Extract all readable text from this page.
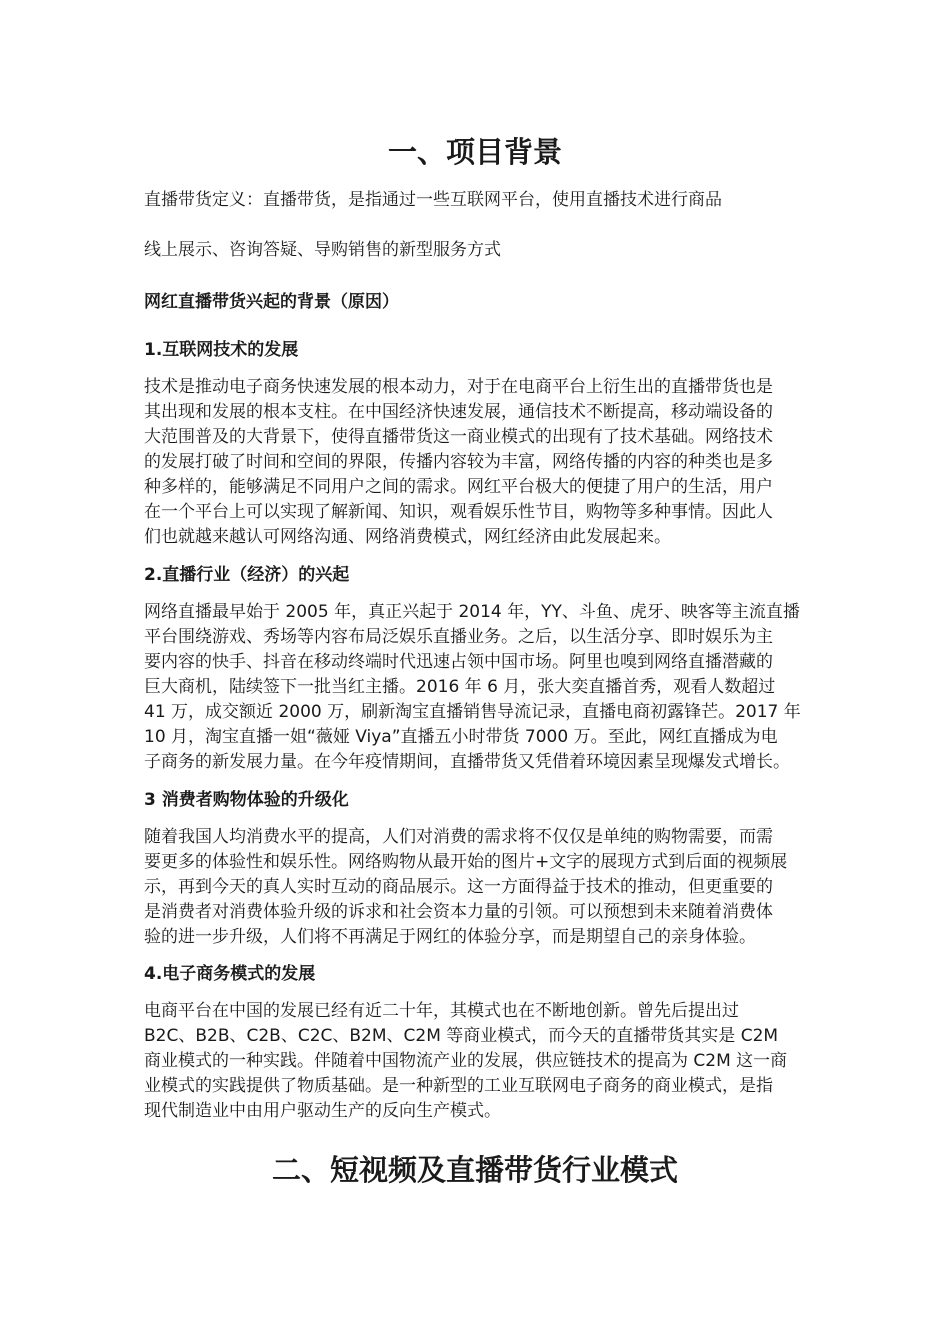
一、项目背景

直播带货定义：直播带货，是指通过一些互联网平台，使用直播技术进行商品

线上展示、咨询答疑、导购销售的新型服务方式

网红直播带货兴起的背景（原因）

1.互联网技术的发展

技术是推动电子商务快速发展的根本动力，对于在电商平台上衍生出的直播带货也是

其出现和发展的根本支柱。在中国经济快速发展，通信技术不断提高，移动端设备的

大范围普及的大背景下，使得直播带货这一商业模式的出现有了技术基础。网络技术

的发展打破了时间和空间的界限，传播内容较为丰富，网络传播的内容的种类也是多

种多样的，能够满足不同用户之间的需求。网红平台极大的便捷了用户的生活，用户

在一个平台上可以实现了解新闻、知识，观看娱乐性节目，购物等多种事情。因此人

们也就越来越认可网络沟通、网络消费模式，网红经济由此发展起来。

2.直播行业（经济）的兴起

网络直播最早始于 2005 年，真正兴起于 2014 年，YY、斗鱼、虎牙、映客等主流直播

平台围绕游戏、秀场等内容布局泛娱乐直播业务。之后，以生活分享、即时娱乐为主

要内容的快手、抖音在移动终端时代迅速占领中国市场。阿里也嗅到网络直播潜藏的

巨大商机，陆续签下一批当红主播。2016 年 6 月，张大奕直播首秀，观看人数超过

41 万，成交额近 2000 万，刷新淘宝直播销售导流记录，直播电商初露锋芒。2017 年

10 月，淘宝直播一姐“薇娅 Viya”直播五小时带货 7000 万。至此，网红直播成为电

子商务的新发展力量。在今年疫情期间，直播带货又凭借着环境因素呈现爆发式增长。

3 消费者购物体验的升级化

随着我国人均消费水平的提高，人们对消费的需求将不仅仅是单纯的购物需要，而需

要更多的体验性和娱乐性。网络购物从最开始的图片+文字的展现方式到后面的视频展

示，再到今天的真人实时互动的商品展示。这一方面得益于技术的推动，但更重要的

是消费者对消费体验升级的诉求和社会资本力量的引领。可以预想到未来随着消费体

验的进一步升级，人们将不再满足于网红的体验分享，而是期望自己的亲身体验。

4.电子商务模式的发展

电商平台在中国的发展已经有近二十年，其模式也在不断地创新。曾先后提出过

B2C、B2B、C2B、C2C、B2M、C2M 等商业模式，而今天的直播带货其实是 C2M

商业模式的一种实践。伴随着中国物流产业的发展，供应链技术的提高为 C2M 这一商

业模式的实践提供了物质基础。是一种新型的工业互联网电子商务的商业模式，是指

现代制造业中由用户驱动生产的反向生产模式。

二、短视频及直播带货行业模式
